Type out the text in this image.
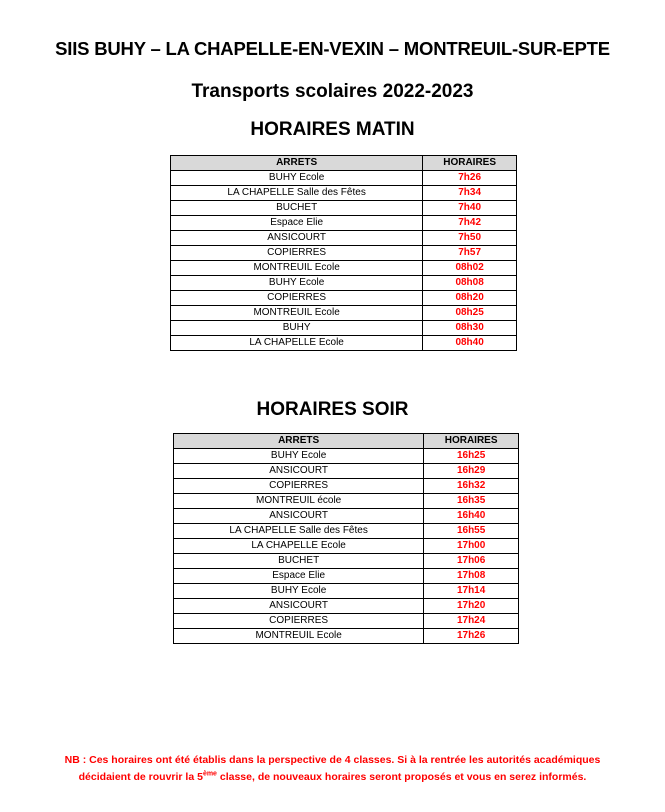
SIIS BUHY – LA CHAPELLE-EN-VEXIN – MONTREUIL-SUR-EPTE
Transports scolaires 2022-2023
HORAIRES MATIN
ARRETS	HORAIRES
BUHY Ecole	7h26
LA CHAPELLE Salle des Fêtes	7h34
BUCHET	7h40
Espace Elie	7h42
ANSICOURT	7h50
COPIERRES	7h57
MONTREUIL Ecole	08h02
BUHY Ecole	08h08
COPIERRES	08h20
MONTREUIL Ecole	08h25
BUHY	08h30
LA CHAPELLE Ecole	08h40
HORAIRES SOIR
ARRETS	HORAIRES
BUHY Ecole	16h25
ANSICOURT	16h29
COPIERRES	16h32
MONTREUIL école	16h35
ANSICOURT	16h40
LA CHAPELLE Salle des Fêtes	16h55
LA CHAPELLE Ecole	17h00
BUCHET	17h06
Espace Elie	17h08
BUHY Ecole	17h14
ANSICOURT	17h20
COPIERRES	17h24
MONTREUIL Ecole	17h26
NB : Ces horaires ont été établis dans la perspective de 4 classes. Si à la rentrée les autorités académiques
décidaient de rouvrir la 5ème classe, de nouveaux horaires seront proposés et vous en serez informés.
